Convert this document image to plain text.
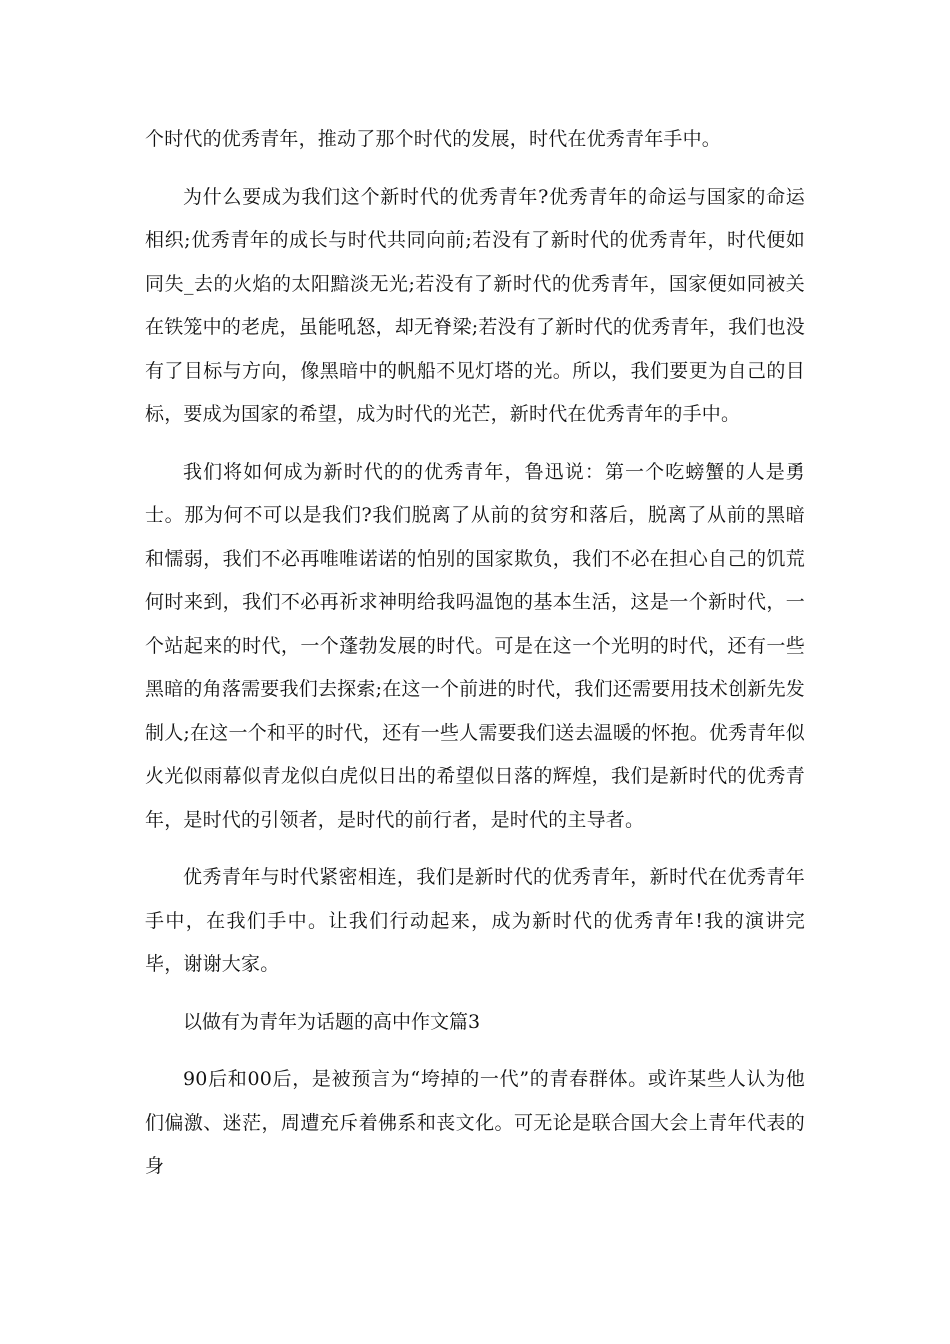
个时代的优秀青年，推动了那个时代的发展，时代在优秀青年手中。

为什么要成为我们这个新时代的优秀青年?优秀青年的命运与国家的命运相织;优秀青年的成长与时代共同向前;若没有了新时代的优秀青年，时代便如同失_去的火焰的太阳黯淡无光;若没有了新时代的优秀青年，国家便如同被关在铁笼中的老虎，虽能吼怒，却无脊梁;若没有了新时代的优秀青年，我们也没有了目标与方向，像黑暗中的帆船不见灯塔的光。所以，我们要更为自己的目标，要成为国家的希望，成为时代的光芒，新时代在优秀青年的手中。

我们将如何成为新时代的的优秀青年，鲁迅说：第一个吃螃蟹的人是勇士。那为何不可以是我们?我们脱离了从前的贫穷和落后，脱离了从前的黑暗和懦弱，我们不必再唯唯诺诺的怕别的国家欺负，我们不必在担心自己的饥荒何时来到，我们不必再祈求神明给我吗温饱的基本生活，这是一个新时代，一个站起来的时代，一个蓬勃发展的时代。可是在这一个光明的时代，还有一些黑暗的角落需要我们去探索;在这一个前进的时代，我们还需要用技术创新先发制人;在这一个和平的时代，还有一些人需要我们送去温暖的怀抱。优秀青年似火光似雨幕似青龙似白虎似日出的希望似日落的辉煌，我们是新时代的优秀青年，是时代的引领者，是时代的前行者，是时代的主导者。

优秀青年与时代紧密相连，我们是新时代的优秀青年，新时代在优秀青年手中，在我们手中。让我们行动起来，成为新时代的优秀青年!我的演讲完毕，谢谢大家。

以做有为青年为话题的高中作文篇3

90后和00后，是被预言为“垮掉的一代”的青春群体。或许某些人认为他们偏激、迷茫，周遭充斥着佛系和丧文化。可无论是联合国大会上青年代表的身
